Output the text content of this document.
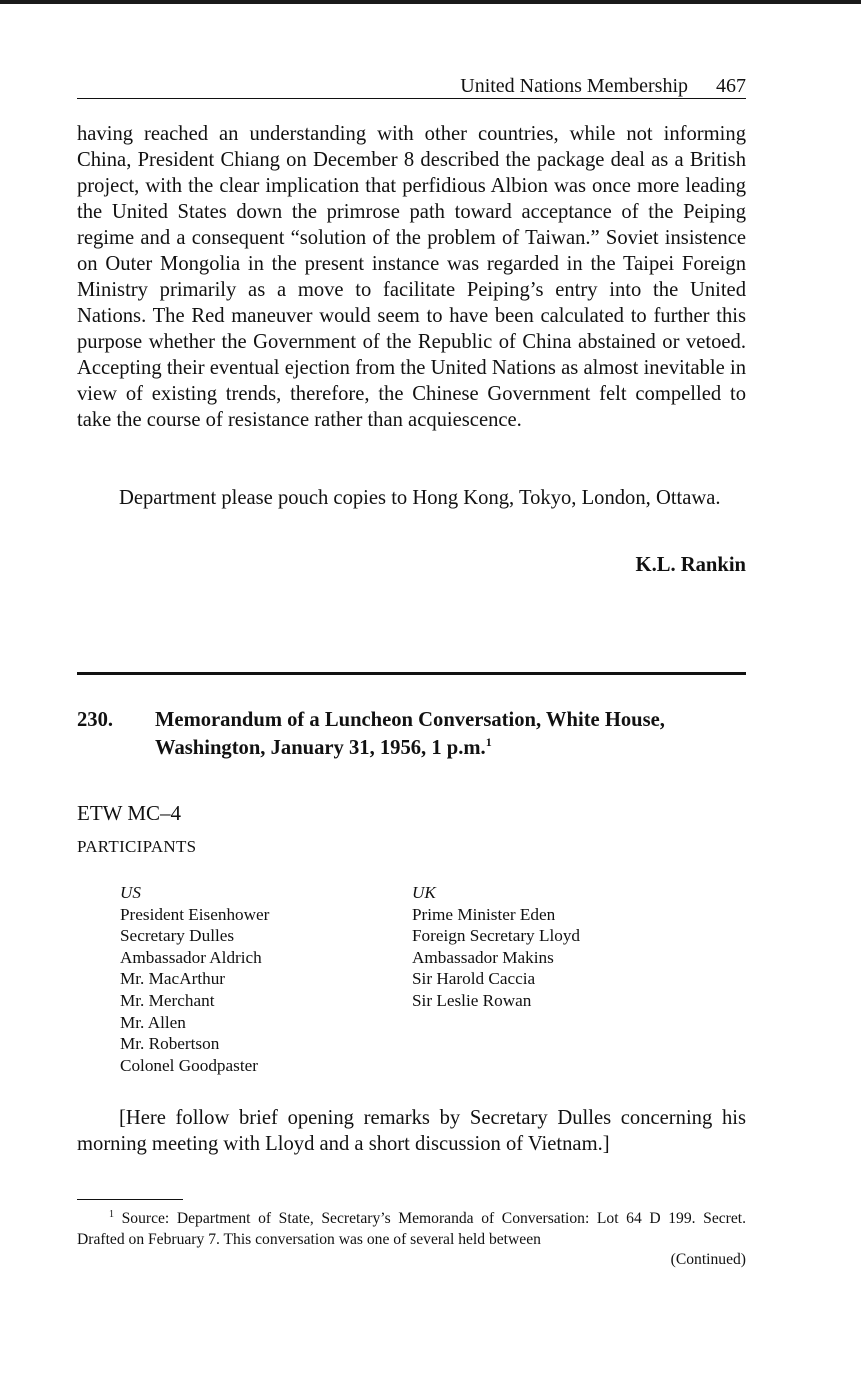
United Nations Membership 467
having reached an understanding with other countries, while not informing China, President Chiang on December 8 described the package deal as a British project, with the clear implication that perfidious Albion was once more leading the United States down the primrose path toward acceptance of the Peiping regime and a consequent “solution of the problem of Taiwan.” Soviet insistence on Outer Mongolia in the present instance was regarded in the Taipei Foreign Ministry primarily as a move to facilitate Peiping’s entry into the United Nations. The Red maneuver would seem to have been calculated to further this purpose whether the Government of the Republic of China abstained or vetoed. Accepting their eventual ejection from the United Nations as almost inevitable in view of existing trends, therefore, the Chinese Government felt compelled to take the course of resistance rather than acquiescence.
Department please pouch copies to Hong Kong, Tokyo, London, Ottawa.
K.L. Rankin
230. Memorandum of a Luncheon Conversation, White House, Washington, January 31, 1956, 1 p.m.$^1$
ETW MC–4
PARTICIPANTS
US
President Eisenhower
Secretary Dulles
Ambassador Aldrich
Mr. MacArthur
Mr. Merchant
Mr. Allen
Mr. Robertson
Colonel Goodpaster
UK
Prime Minister Eden
Foreign Secretary Lloyd
Ambassador Makins
Sir Harold Caccia
Sir Leslie Rowan
[Here follow brief opening remarks by Secretary Dulles concerning his morning meeting with Lloyd and a short discussion of Vietnam.]
$^1$ Source: Department of State, Secretary’s Memoranda of Conversation: Lot 64 D 199. Secret. Drafted on February 7. This conversation was one of several held between
(Continued)
